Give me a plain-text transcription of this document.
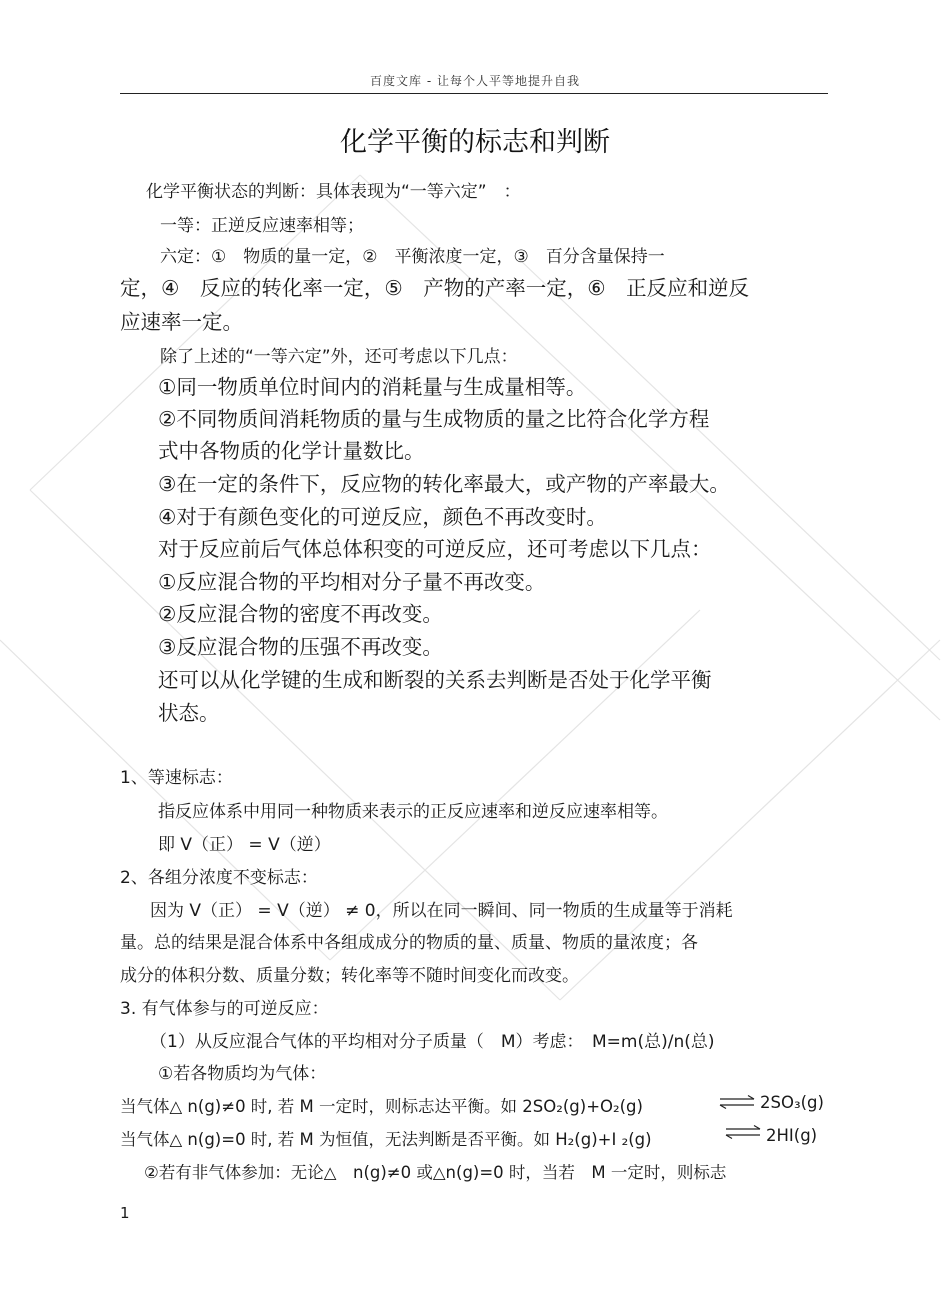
百度文库 - 让每个人平等地提升自我
化学平衡的标志和判断
化学平衡状态的判断：具体表现为“一等六定”　：
一等：正逆反应速率相等；
六定：①　物质的量一定，②　平衡浓度一定，③　百分含量保持一
定，④　反应的转化率一定，⑤　产物的产率一定，⑥　正反应和逆反
应速率一定。
除了上述的“一等六定”外，还可考虑以下几点：
①同一物质单位时间内的消耗量与生成量相等。
②不同物质间消耗物质的量与生成物质的量之比符合化学方程
式中各物质的化学计量数比。
③在一定的条件下，反应物的转化率最大，或产物的产率最大。
④对于有颜色变化的可逆反应，颜色不再改变时。
对于反应前后气体总体积变的可逆反应，还可考虑以下几点：
①反应混合物的平均相对分子量不再改变。
②反应混合物的密度不再改变。
③反应混合物的压强不再改变。
还可以从化学键的生成和断裂的关系去判断是否处于化学平衡
状态。
1、等速标志：
指反应体系中用同一种物质来表示的正反应速率和逆反应速率相等。
即 V（正） = V（逆）
2、各组分浓度不变标志：
因为 V（正） = V（逆） ≠ 0，所以在同一瞬间、同一物质的生成量等于消耗
量。总的结果是混合体系中各组成成分的物质的量、质量、物质的量浓度；各
成分的体积分数、质量分数；转化率等不随时间变化而改变。
3. 有气体参与的可逆反应：
（1）从反应混合气体的平均相对分子质量（　M）考虑：　M=m(总)/n(总)
①若各物质均为气体：
当气体△ n(g)≠0 时, 若 M 一定时，则标志达平衡。如 2SO₂(g)+O₂(g)	⇌ 2SO₃(g)
当气体△ n(g)=0 时, 若 M 为恒值，无法判断是否平衡。如 H₂(g)+I ₂(g)	⇌ 2HI(g)
②若有非气体参加：无论△　n(g)≠0 或△n(g)=0 时，当若　M 一定时，则标志
1
